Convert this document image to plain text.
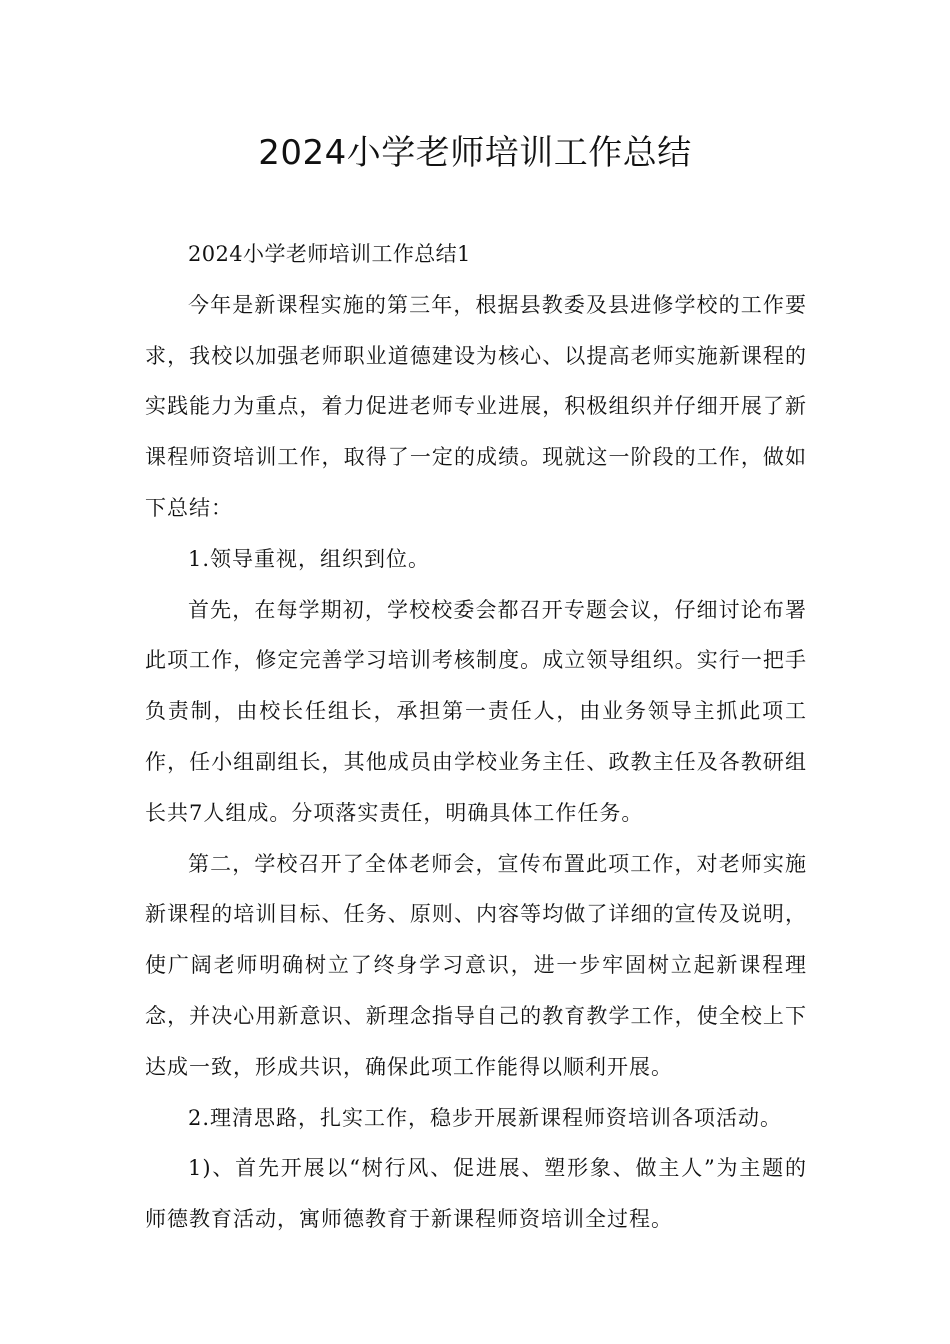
2024小学老师培训工作总结

2024小学老师培训工作总结1

今年是新课程实施的第三年，根据县教委及县进修学校的工作要求，我校以加强老师职业道德建设为核心、以提高老师实施新课程的实践能力为重点，着力促进老师专业进展，积极组织并仔细开展了新课程师资培训工作，取得了一定的成绩。现就这一阶段的工作，做如下总结：

1.领导重视，组织到位。

首先，在每学期初，学校校委会都召开专题会议，仔细讨论布署此项工作，修定完善学习培训考核制度。成立领导组织。实行一把手负责制，由校长任组长，承担第一责任人，由业务领导主抓此项工作，任小组副组长，其他成员由学校业务主任、政教主任及各教研组长共7人组成。分项落实责任，明确具体工作任务。

第二，学校召开了全体老师会，宣传布置此项工作，对老师实施新课程的培训目标、任务、原则、内容等均做了详细的宣传及说明，使广阔老师明确树立了终身学习意识，进一步牢固树立起新课程理念，并决心用新意识、新理念指导自己的教育教学工作，使全校上下达成一致，形成共识，确保此项工作能得以顺利开展。

2.理清思路，扎实工作，稳步开展新课程师资培训各项活动。

1)、首先开展以“树行风、促进展、塑形象、做主人”为主题的师德教育活动，寓师德教育于新课程师资培训全过程。
